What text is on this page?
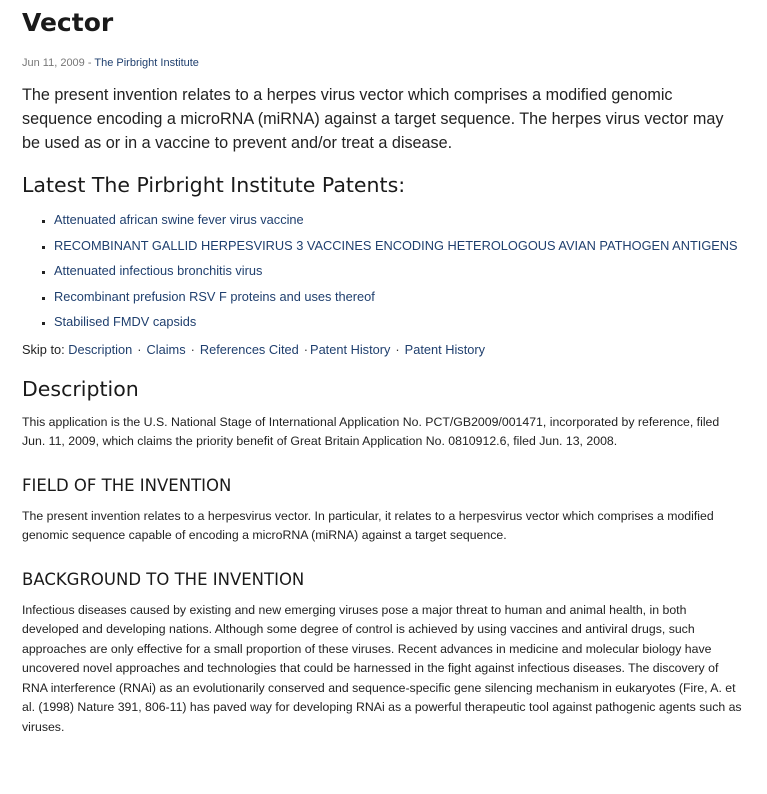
Vector
Jun 11, 2009 - The Pirbright Institute

The present invention relates to a herpes virus vector which comprises a modified genomic sequence encoding a microRNA (miRNA) against a target sequence. The herpes virus vector may be used as or in a vaccine to prevent and/or treat a disease.

Latest The Pirbright Institute Patents:
▪ Attenuated african swine fever virus vaccine
▪ RECOMBINANT GALLID HERPESVIRUS 3 VACCINES ENCODING HETEROLOGOUS AVIAN PATHOGEN ANTIGENS
▪ Attenuated infectious bronchitis virus
▪ Recombinant prefusion RSV F proteins and uses thereof
▪ Stabilised FMDV capsids
Skip to: Description · Claims · References Cited · Patent History · Patent History
Description

This application is the U.S. National Stage of International Application No. PCT/GB2009/001471, incorporated by reference, filed Jun. 11, 2009, which claims the priority benefit of Great Britain Application No. 0810912.6, filed Jun. 13, 2008.

FIELD OF THE INVENTION

The present invention relates to a herpesvirus vector. In particular, it relates to a herpesvirus vector which comprises a modified genomic sequence capable of encoding a microRNA (miRNA) against a target sequence.

BACKGROUND TO THE INVENTION

Infectious diseases caused by existing and new emerging viruses pose a major threat to human and animal health, in both developed and developing nations. Although some degree of control is achieved by using vaccines and antiviral drugs, such approaches are only effective for a small proportion of these viruses. Recent advances in medicine and molecular biology have uncovered novel approaches and technologies that could be harnessed in the fight against infectious diseases. The discovery of RNA interference (RNAi) as an evolutionarily conserved and sequence-specific gene silencing mechanism in eukaryotes (Fire, A. et al. (1998) Nature 391, 806-11) has paved way for developing RNAi as a powerful therapeutic tool against pathogenic agents such as viruses.
